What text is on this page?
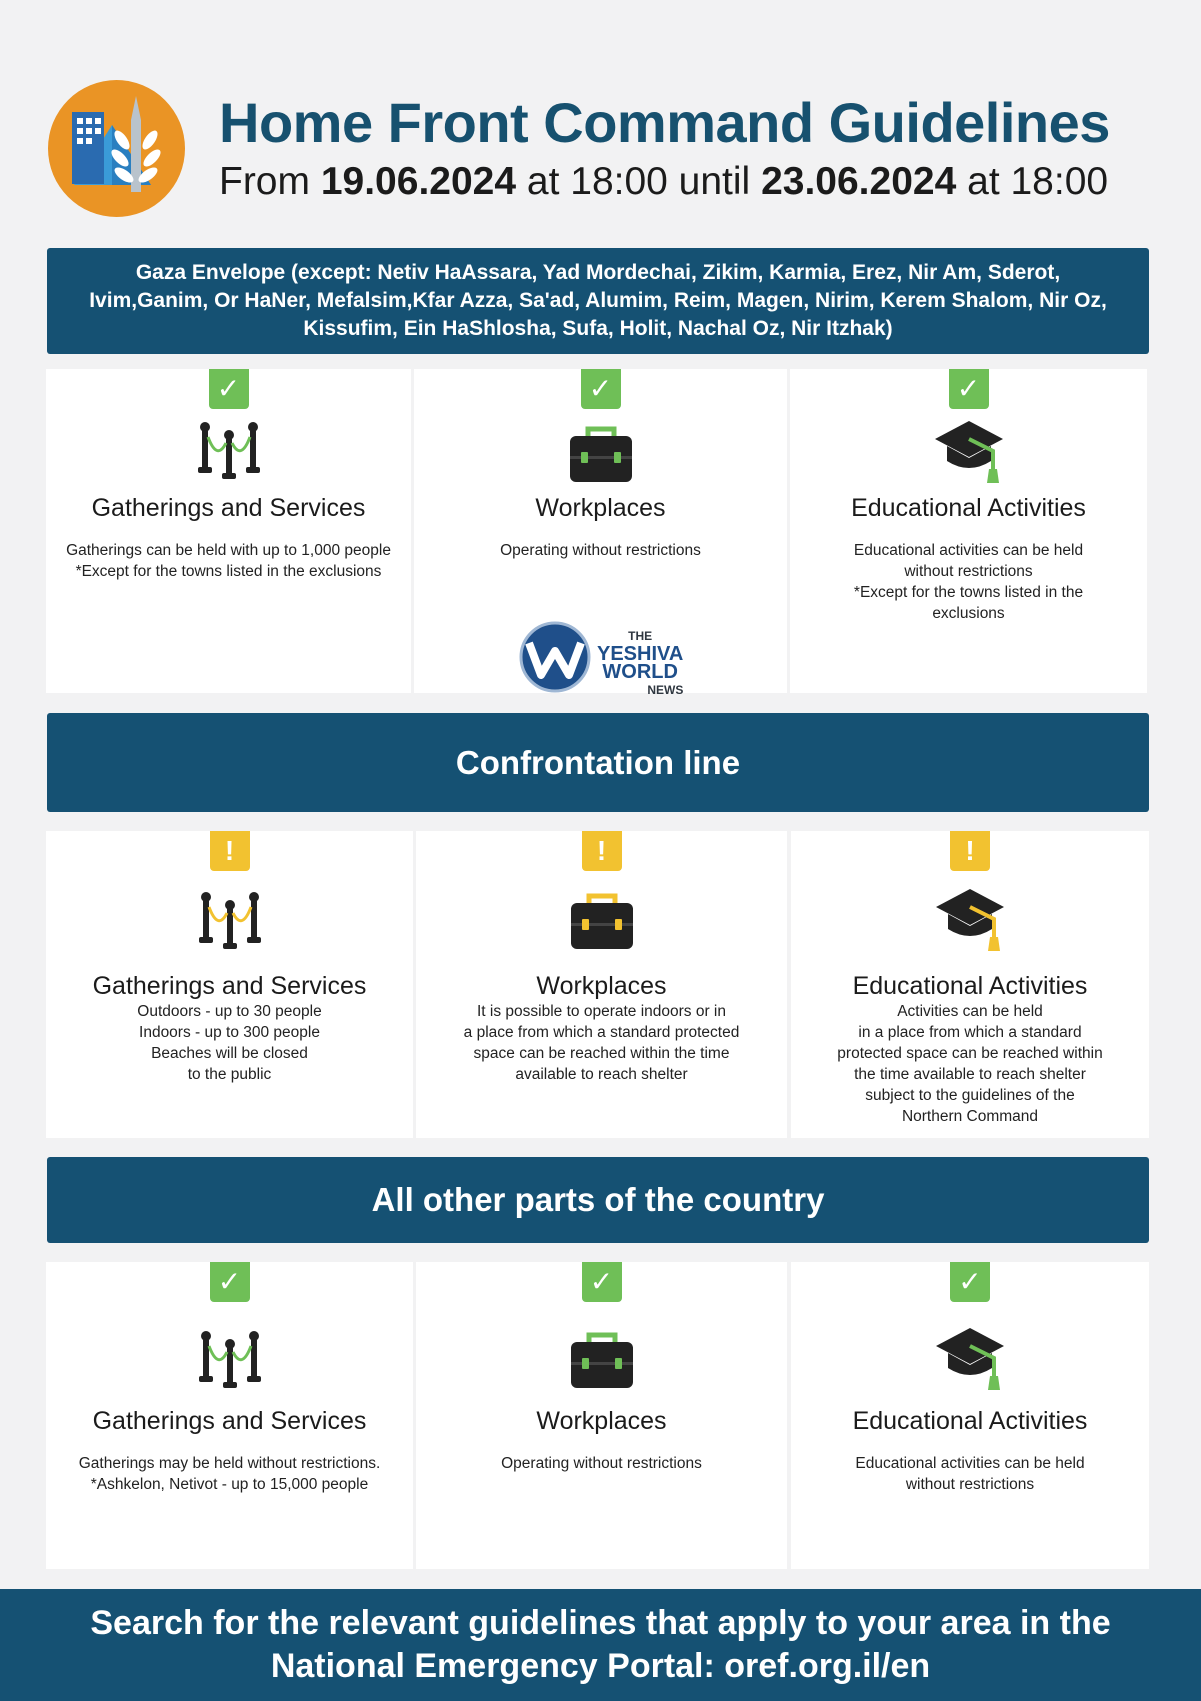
Home Front Command Guidelines
From 19.06.2024 at 18:00 until 23.06.2024 at 18:00
Gaza Envelope (except: Netiv HaAssara, Yad Mordechai, Zikim, Karmia, Erez, Nir Am, Sderot, Ivim,Ganim, Or HaNer, Mefalsim,Kfar Azza, Sa'ad, Alumim, Reim, Magen, Nirim, Kerem Shalom, Nir Oz, Kissufim, Ein HaShlosha, Sufa, Holit, Nachal Oz, Nir Itzhak)
✓
Gatherings and Services
Gatherings can be held with up to 1,000 people
*Except for the towns listed in the exclusions
✓
Workplaces
Operating without restrictions
THE
YESHIVA
WORLD
NEWS
✓
Educational Activities
Educational activities can be held
without restrictions
*Except for the towns listed in the
exclusions
Confrontation line
!
Gatherings and Services
Outdoors - up to 30 people
Indoors - up to 300 people
Beaches will be closed
to the public
!
Workplaces
It is possible to operate indoors or in
a place from which a standard protected
space can be reached within the time
available to reach shelter
!
Educational Activities
Activities can be held
in a place from which a standard
protected space can be reached within
the time available to reach shelter
subject to the guidelines of the
Northern Command
All other parts of the country
✓
Gatherings and Services
Gatherings may be held without restrictions.
*Ashkelon, Netivot - up to 15,000 people
✓
Workplaces
Operating without restrictions
✓
Educational Activities
Educational activities can be held
without restrictions
Search for the relevant guidelines that apply to your area in the
National Emergency Portal: oref.org.il/en
